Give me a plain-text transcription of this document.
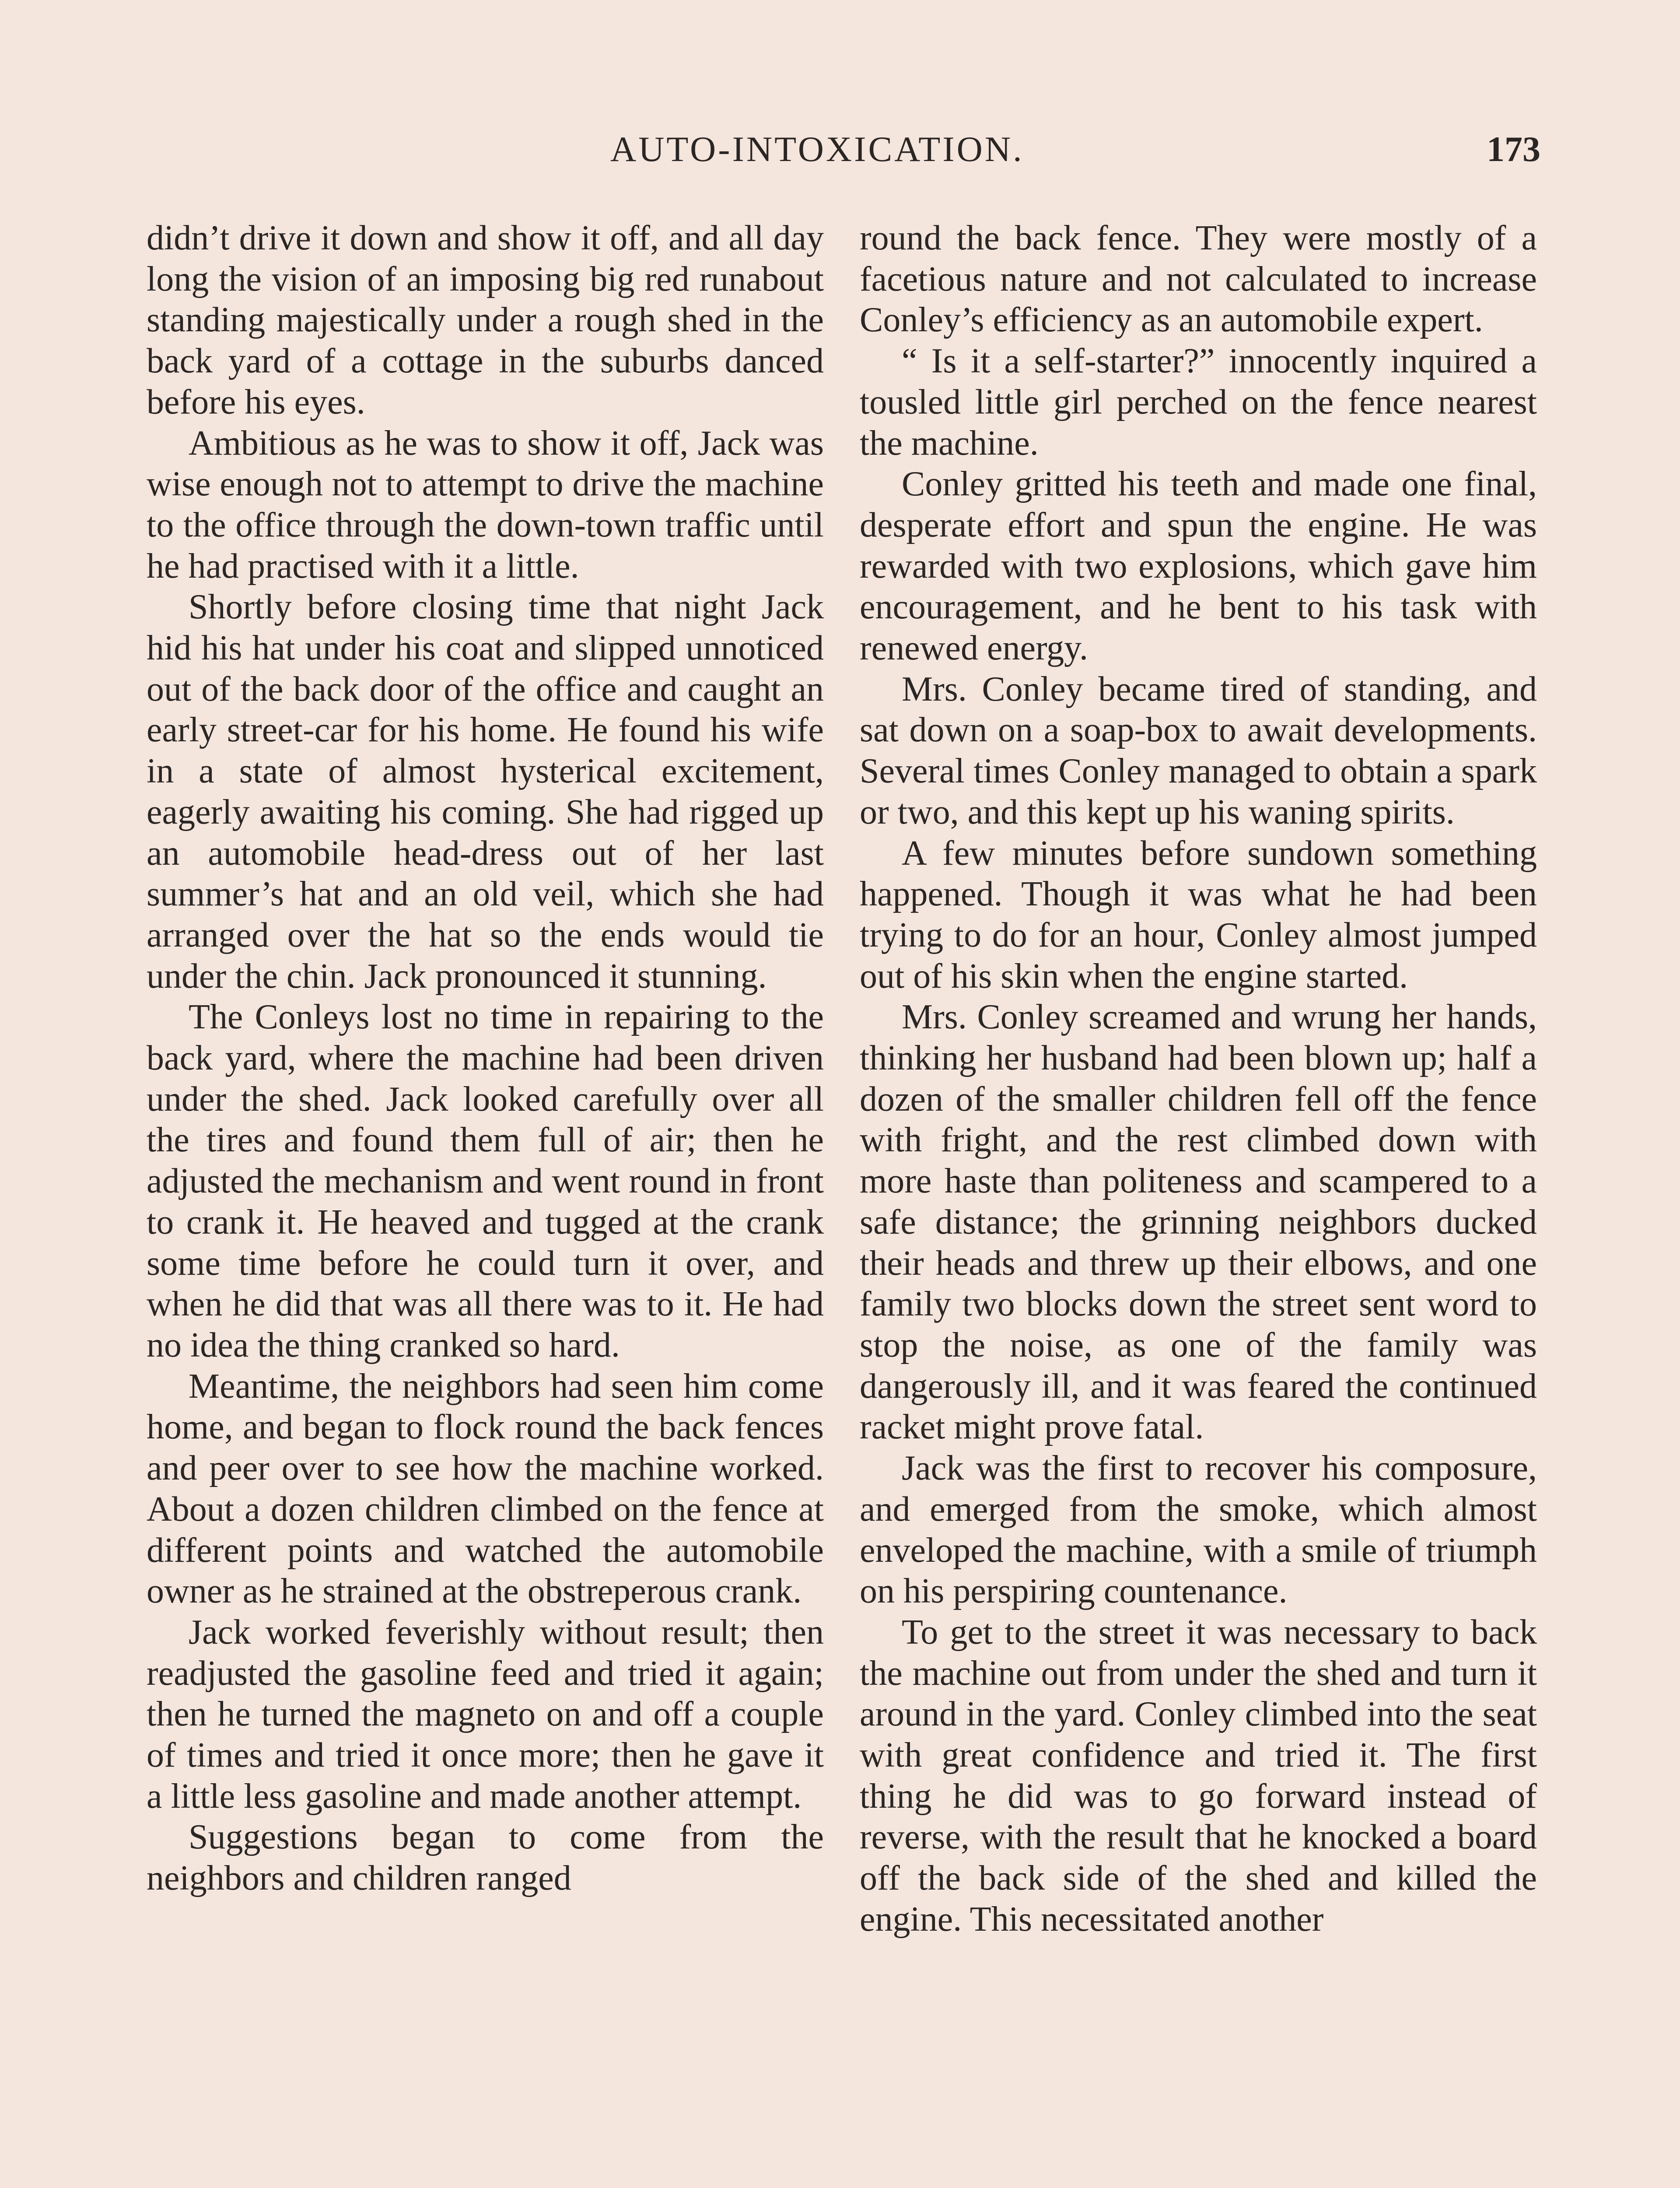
AUTO-INTOXICATION.	173

didn’t drive it down and show it off, and all day long the vision of an imposing big red runabout standing majestically under a rough shed in the back yard of a cottage in the suburbs danced before his eyes.

Ambitious as he was to show it off, Jack was wise enough not to attempt to drive the machine to the office through the down-town traffic until he had practised with it a little.

Shortly before closing time that night Jack hid his hat under his coat and slipped unnoticed out of the back door of the office and caught an early street-car for his home. He found his wife in a state of almost hysterical excitement, eagerly awaiting his coming. She had rigged up an automobile head-dress out of her last summer’s hat and an old veil, which she had arranged over the hat so the ends would tie under the chin. Jack pronounced it stunning.

The Conleys lost no time in repairing to the back yard, where the machine had been driven under the shed. Jack looked carefully over all the tires and found them full of air; then he adjusted the mechanism and went round in front to crank it. He heaved and tugged at the crank some time before he could turn it over, and when he did that was all there was to it. He had no idea the thing cranked so hard.

Meantime, the neighbors had seen him come home, and began to flock round the back fences and peer over to see how the machine worked. About a dozen children climbed on the fence at different points and watched the automobile owner as he strained at the obstreperous crank.

Jack worked feverishly without result; then readjusted the gasoline feed and tried it again; then he turned the magneto on and off a couple of times and tried it once more; then he gave it a little less gasoline and made another attempt.

Suggestions began to come from the neighbors and children ranged

round the back fence. They were mostly of a facetious nature and not calculated to increase Conley’s efficiency as an automobile expert.

“ Is it a self-starter?” innocently inquired a tousled little girl perched on the fence nearest the machine.

Conley gritted his teeth and made one final, desperate effort and spun the engine. He was rewarded with two explosions, which gave him encouragement, and he bent to his task with renewed energy.

Mrs. Conley became tired of standing, and sat down on a soap-box to await developments. Several times Conley managed to obtain a spark or two, and this kept up his waning spirits.

A few minutes before sundown something happened. Though it was what he had been trying to do for an hour, Conley almost jumped out of his skin when the engine started.

Mrs. Conley screamed and wrung her hands, thinking her husband had been blown up; half a dozen of the smaller children fell off the fence with fright, and the rest climbed down with more haste than politeness and scampered to a safe distance; the grinning neighbors ducked their heads and threw up their elbows, and one family two blocks down the street sent word to stop the noise, as one of the family was dangerously ill, and it was feared the continued racket might prove fatal.

Jack was the first to recover his composure, and emerged from the smoke, which almost enveloped the machine, with a smile of triumph on his perspiring countenance.

To get to the street it was necessary to back the machine out from under the shed and turn it around in the yard. Conley climbed into the seat with great confidence and tried it. The first thing he did was to go forward instead of reverse, with the result that he knocked a board off the back side of the shed and killed the engine. This necessitated another
